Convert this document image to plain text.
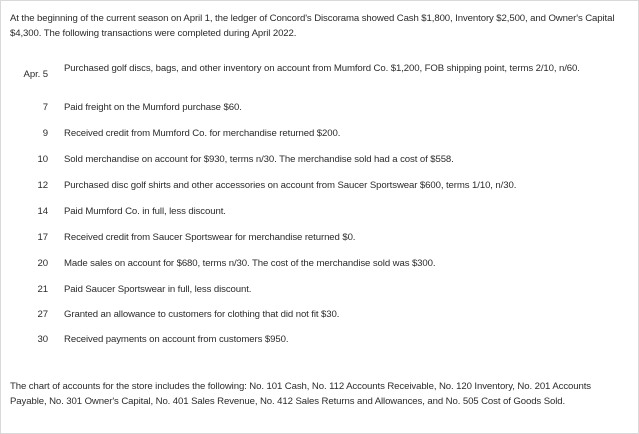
At the beginning of the current season on April 1, the ledger of Concord's Discorama showed Cash $1,800, Inventory $2,500, and Owner's Capital $4,300. The following transactions were completed during April 2022.
Apr. 5
Purchased golf discs, bags, and other inventory on account from Mumford Co. $1,200, FOB shipping point, terms 2/10, n/60.
7 Paid freight on the Mumford purchase $60.
9 Received credit from Mumford Co. for merchandise returned $200.
10 Sold merchandise on account for $930, terms n/30. The merchandise sold had a cost of $558.
12 Purchased disc golf shirts and other accessories on account from Saucer Sportswear $600, terms 1/10, n/30.
14 Paid Mumford Co. in full, less discount.
17 Received credit from Saucer Sportswear for merchandise returned $0.
20 Made sales on account for $680, terms n/30. The cost of the merchandise sold was $300.
21 Paid Saucer Sportswear in full, less discount.
27 Granted an allowance to customers for clothing that did not fit $30.
30 Received payments on account from customers $950.
The chart of accounts for the store includes the following: No. 101 Cash, No. 112 Accounts Receivable, No. 120 Inventory, No. 201 Accounts Payable, No. 301 Owner's Capital, No. 401 Sales Revenue, No. 412 Sales Returns and Allowances, and No. 505 Cost of Goods Sold.
